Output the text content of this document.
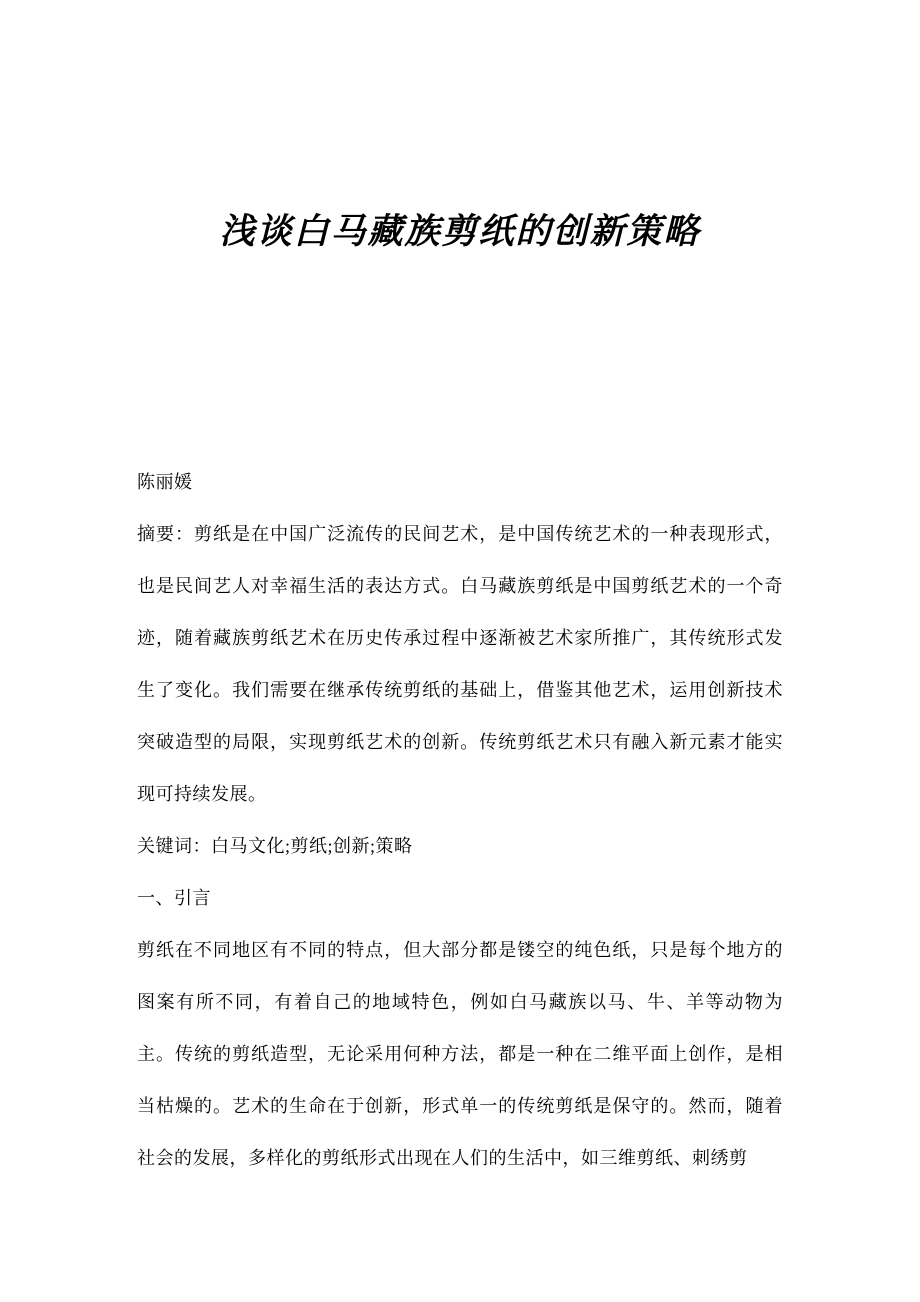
浅谈白马藏族剪纸的创新策略

陈丽媛

摘要：剪纸是在中国广泛流传的民间艺术，是中国传统艺术的一种表现形式，也是民间艺人对幸福生活的表达方式。白马藏族剪纸是中国剪纸艺术的一个奇迹，随着藏族剪纸艺术在历史传承过程中逐渐被艺术家所推广，其传统形式发生了变化。我们需要在继承传统剪纸的基础上，借鉴其他艺术，运用创新技术突破造型的局限，实现剪纸艺术的创新。传统剪纸艺术只有融入新元素才能实现可持续发展。

关键词：白马文化;剪纸;创新;策略

一、引言

剪纸在不同地区有不同的特点，但大部分都是镂空的纯色纸，只是每个地方的图案有所不同，有着自己的地域特色，例如白马藏族以马、牛、羊等动物为主。传统的剪纸造型，无论采用何种方法，都是一种在二维平面上创作，是相当枯燥的。艺术的生命在于创新，形式单一的传统剪纸是保守的。然而，随着社会的发展，多样化的剪纸形式出现在人们的生活中，如三维剪纸、刺绣剪
